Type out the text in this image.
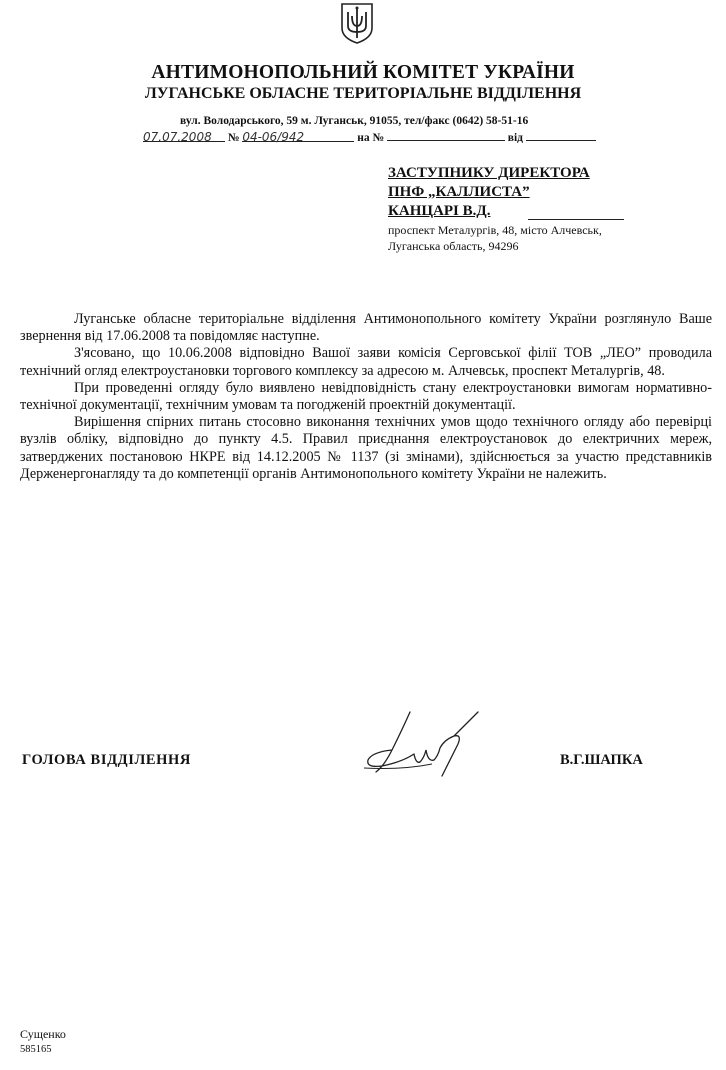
АНТИМОНОПОЛЬНИЙ КОМІТЕТ УКРАЇНИ
ЛУГАНСЬКЕ ОБЛАСНЕ ТЕРИТОРІАЛЬНЕ ВІДДІЛЕННЯ
вул. Володарського, 59 м. Луганськ, 91055, тел/факс (0642) 58-51-16
07.07.2008 № 04-06/942	на №	від
ЗАСТУПНИКУ ДИРЕКТОРА
ПНФ „КАЛЛИСТА”
КАНЦАРІ В.Д.
проспект Металургів, 48, місто Алчевськ,
Луганська область, 94296

Луганське обласне територіальне відділення Антимонопольного комітету України розглянуло Ваше звернення від 17.06.2008 та повідомляє наступне.

З'ясовано, що 10.06.2008 відповідно Вашої заяви комісія Серговської філії ТОВ „ЛЕО” проводила технічний огляд електроустановки торгового комплексу за адресою м. Алчевськ, проспект Металургів, 48.

При проведенні огляду було виявлено невідповідність стану електроустановки вимогам нормативно-технічної документації, технічним умовам та погодженій проектній документації.

Вирішення спірних питань стосовно виконання технічних умов щодо технічного огляду або перевірці вузлів обліку, відповідно до пункту 4.5. Правил приєднання електроустановок до електричних мереж, затверджених постановою НКРЕ від 14.12.2005 № 1137 (зі змінами), здійснюється за участю представників Держенергонагляду та до компетенції органів Антимонопольного комітету України не належить.

ГОЛОВА ВІДДІЛЕННЯ	В.Г.ШАПКА
Сущенко
585165
